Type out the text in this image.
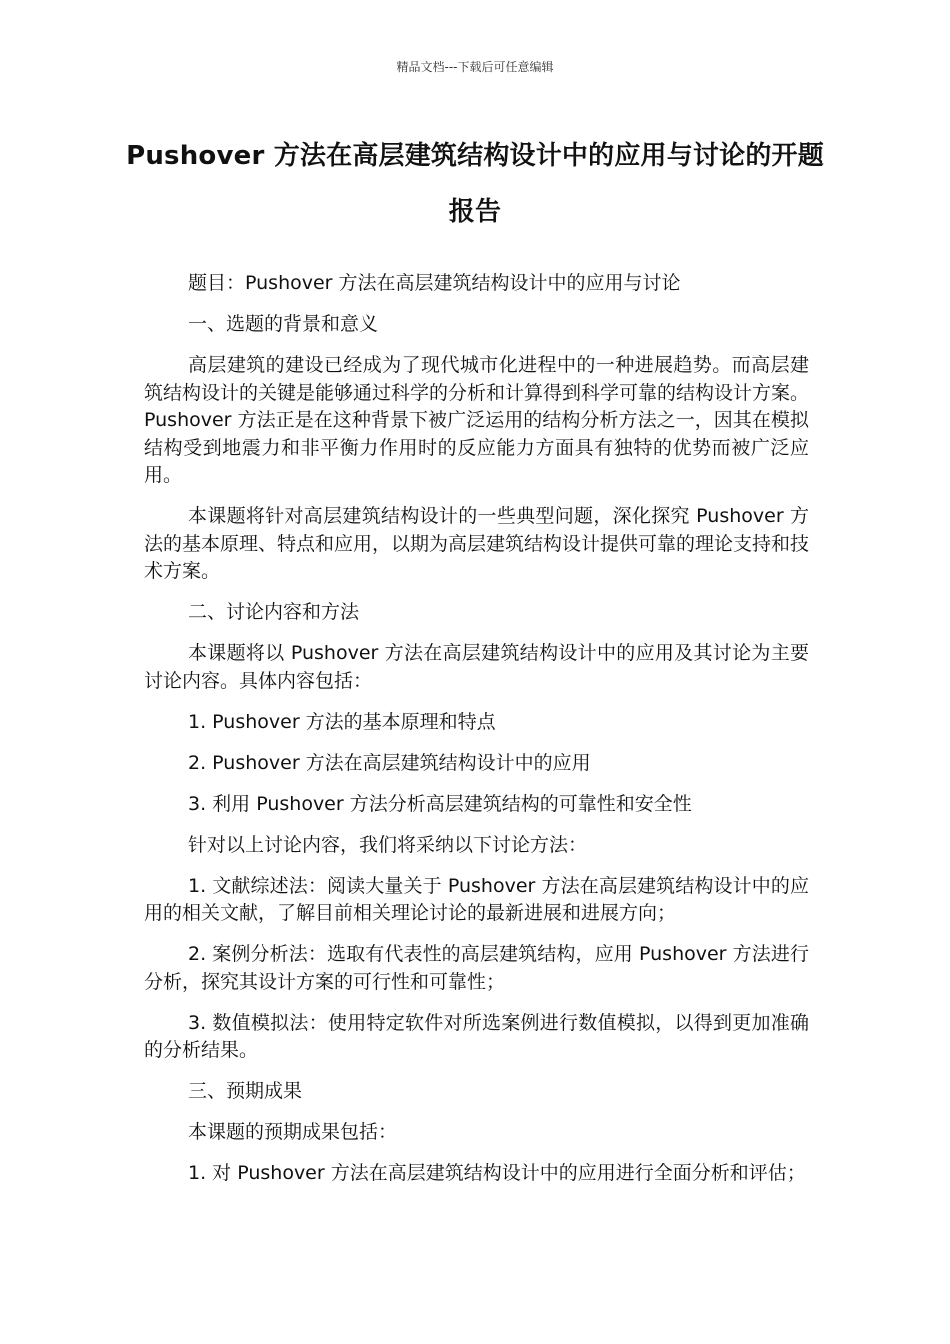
精品文档---下载后可任意编辑
Pushover 方法在高层建筑结构设计中的应用与讨论的开题报告

题目：Pushover 方法在高层建筑结构设计中的应用与讨论

一、选题的背景和意义

高层建筑的建设已经成为了现代城市化进程中的一种进展趋势。而高层建筑结构设计的关键是能够通过科学的分析和计算得到科学可靠的结构设计方案。Pushover 方法正是在这种背景下被广泛运用的结构分析方法之一，因其在模拟结构受到地震力和非平衡力作用时的反应能力方面具有独特的优势而被广泛应用。

本课题将针对高层建筑结构设计的一些典型问题，深化探究 Pushover 方法的基本原理、特点和应用，以期为高层建筑结构设计提供可靠的理论支持和技术方案。

二、讨论内容和方法

本课题将以 Pushover 方法在高层建筑结构设计中的应用及其讨论为主要讨论内容。具体内容包括：

1. Pushover 方法的基本原理和特点

2. Pushover 方法在高层建筑结构设计中的应用

3. 利用 Pushover 方法分析高层建筑结构的可靠性和安全性

针对以上讨论内容，我们将采纳以下讨论方法：

1. 文献综述法：阅读大量关于 Pushover 方法在高层建筑结构设计中的应用的相关文献，了解目前相关理论讨论的最新进展和进展方向；

2. 案例分析法：选取有代表性的高层建筑结构，应用 Pushover 方法进行分析，探究其设计方案的可行性和可靠性；

3. 数值模拟法：使用特定软件对所选案例进行数值模拟，以得到更加准确的分析结果。

三、预期成果

本课题的预期成果包括：

1. 对 Pushover 方法在高层建筑结构设计中的应用进行全面分析和评估；
